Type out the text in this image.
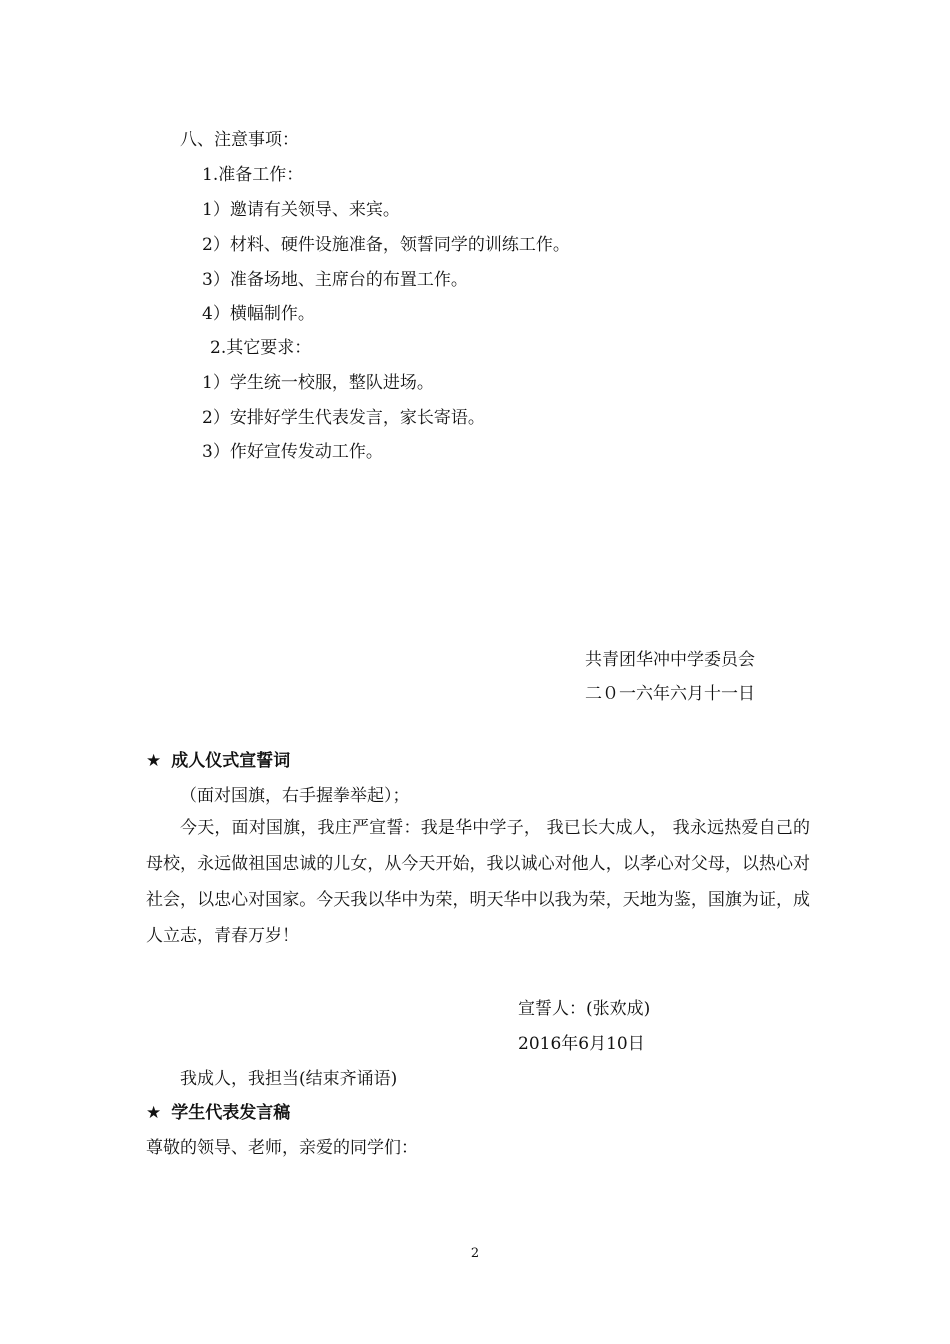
八、注意事项：
1.准备工作：
1）邀请有关领导、来宾。
2）材料、硬件设施准备，领誓同学的训练工作。
3）准备场地、主席台的布置工作。
4）横幅制作。
2.其它要求：
1）学生统一校服，整队进场。
2）安排好学生代表发言，家长寄语。
3）作好宣传发动工作。
共青团华冲中学委员会
二０一六年六月十一日
★ 成人仪式宣誓词
（面对国旗，右手握拳举起）；
今天，面对国旗，我庄严宣誓：我是华中学子， 我已长大成人， 我永远热爱自己的母校，永远做祖国忠诚的儿女，从今天开始，我以诚心对他人，以孝心对父母，以热心对社会，以忠心对国家。今天我以华中为荣，明天华中以我为荣，天地为鉴，国旗为证，成人立志，青春万岁！
宣誓人：(张欢成)
2016年6月10日
我成人，我担当(结束齐诵语)
★ 学生代表发言稿
尊敬的领导、老师，亲爱的同学们：
2
